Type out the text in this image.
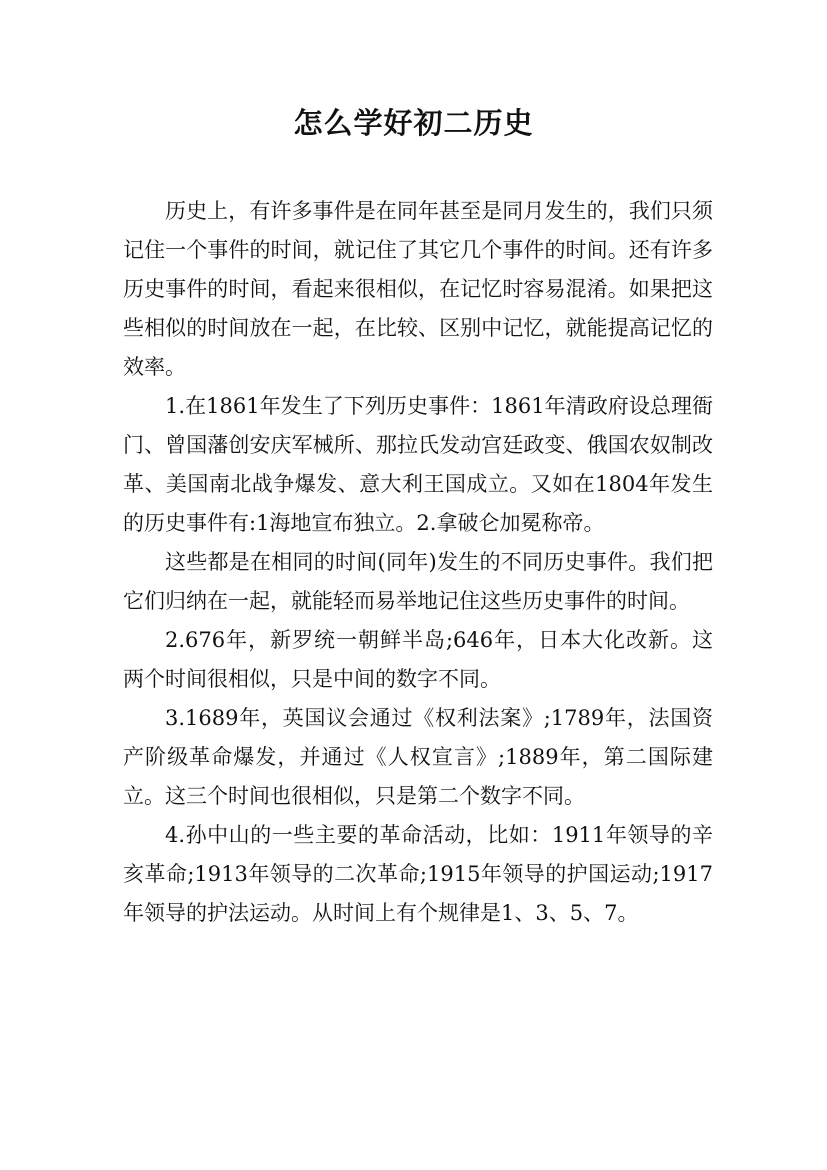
怎么学好初二历史

历史上，有许多事件是在同年甚至是同月发生的，我们只须记住一个事件的时间，就记住了其它几个事件的时间。还有许多历史事件的时间，看起来很相似，在记忆时容易混淆。如果把这些相似的时间放在一起，在比较、区别中记忆，就能提高记忆的效率。

1.在1861年发生了下列历史事件：1861年清政府设总理衙门、曾国藩创安庆军械所、那拉氏发动宫廷政变、俄国农奴制改革、美国南北战争爆发、意大利王国成立。又如在1804年发生的历史事件有:1海地宣布独立。2.拿破仑加冕称帝。

这些都是在相同的时间(同年)发生的不同历史事件。我们把它们归纳在一起，就能轻而易举地记住这些历史事件的时间。

2.676年，新罗统一朝鲜半岛;646年，日本大化改新。这两个时间很相似，只是中间的数字不同。

3.1689年，英国议会通过《权利法案》;1789年，法国资产阶级革命爆发，并通过《人权宣言》;1889年，第二国际建立。这三个时间也很相似，只是第二个数字不同。

4.孙中山的一些主要的革命活动，比如：1911年领导的辛亥革命;1913年领导的二次革命;1915年领导的护国运动;1917年领导的护法运动。从时间上有个规律是1、3、5、7。
